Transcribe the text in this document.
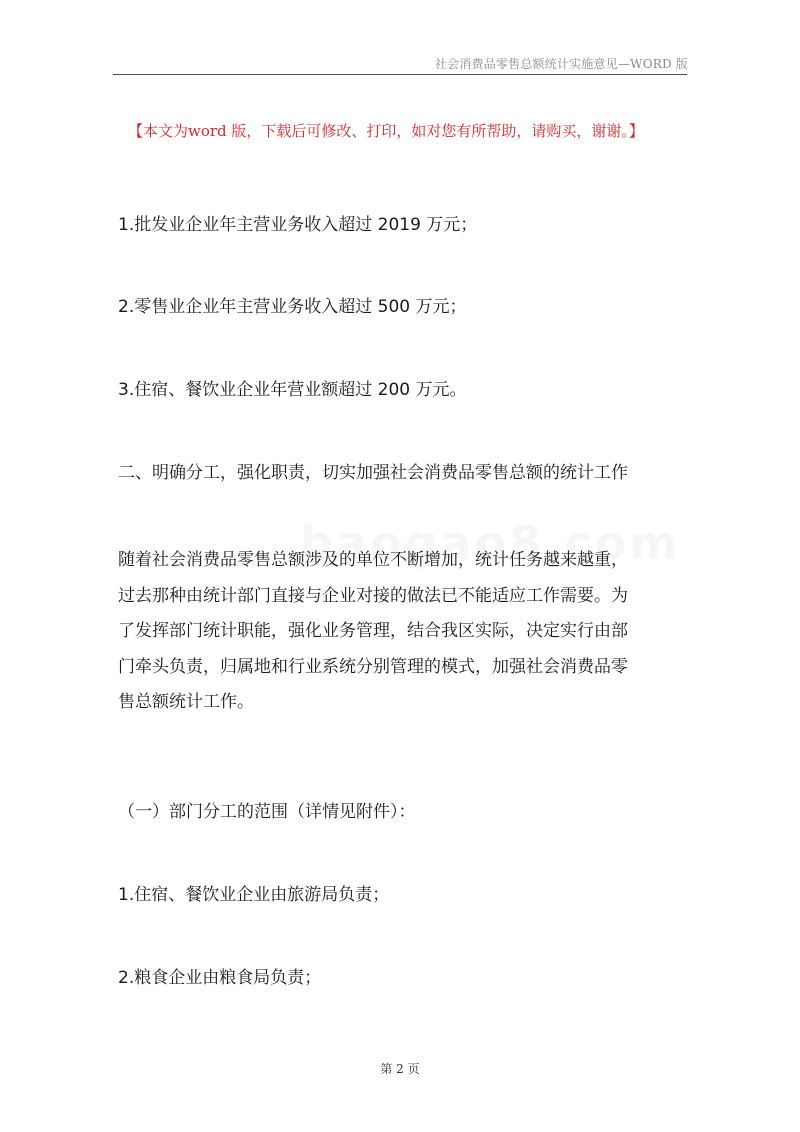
社会消费品零售总额统计实施意见—WORD 版
【本文为word 版，下载后可修改、打印，如对您有所帮助，请购买，谢谢。】
1.批发业企业年主营业务收入超过 2019 万元；
2.零售业企业年主营业务收入超过 500 万元；
3.住宿、餐饮业企业年营业额超过 200 万元。
二、明确分工，强化职责，切实加强社会消费品零售总额的统计工作
随着社会消费品零售总额涉及的单位不断增加，统计任务越来越重，
过去那种由统计部门直接与企业对接的做法已不能适应工作需要。为
了发挥部门统计职能，强化业务管理，结合我区实际，决定实行由部
门牵头负责，归属地和行业系统分别管理的模式，加强社会消费品零
售总额统计工作。
（一）部门分工的范围（详情见附件）：
1.住宿、餐饮业企业由旅游局负责；
2.粮食企业由粮食局负责；
第 2 页
